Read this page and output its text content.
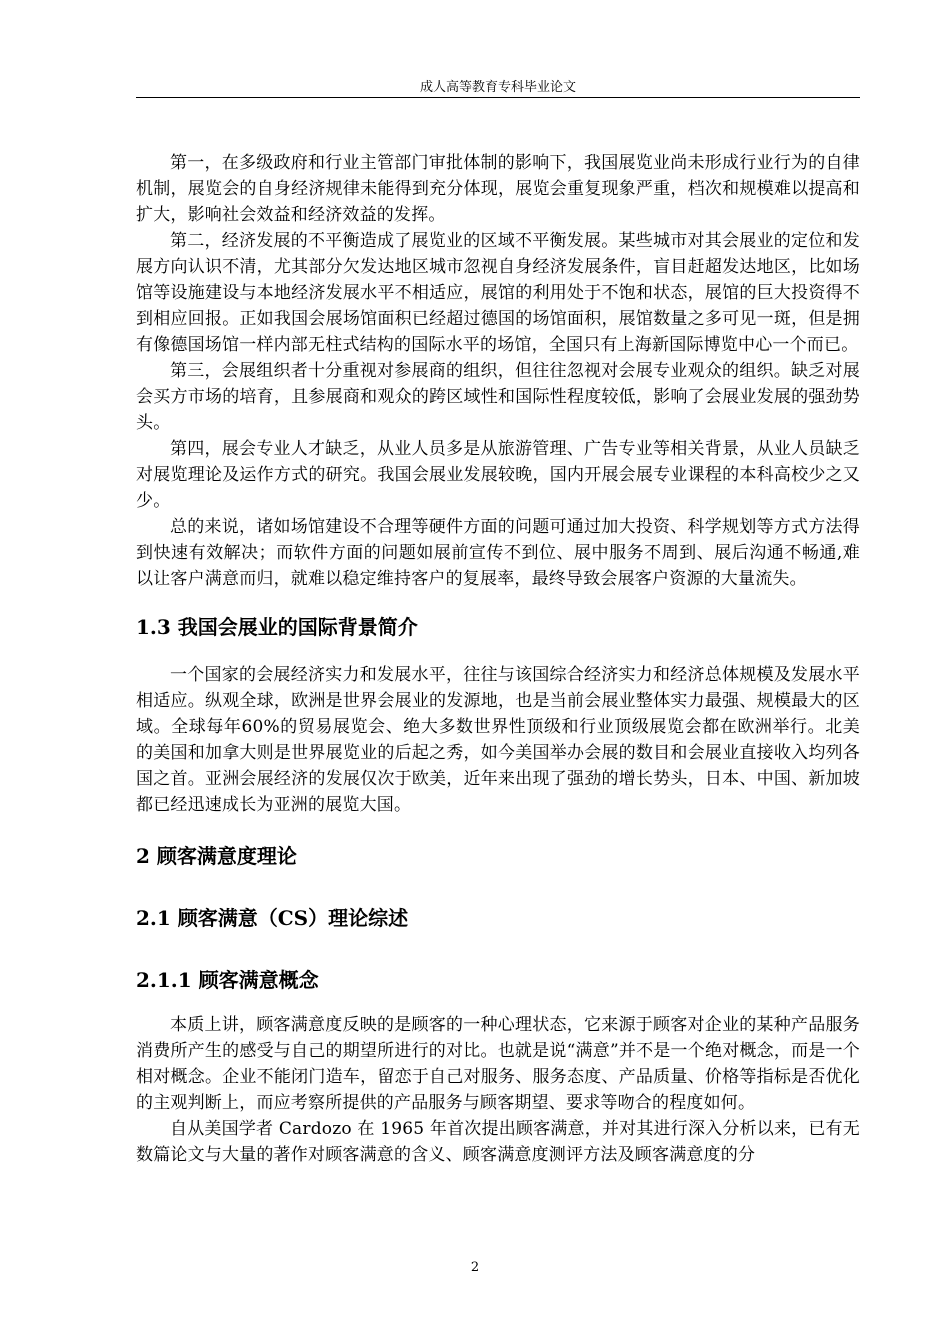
成人高等教育专科毕业论文

第一，在多级政府和行业主管部门审批体制的影响下，我国展览业尚未形成行业行为的自律机制，展览会的自身经济规律未能得到充分体现，展览会重复现象严重，档次和规模难以提高和扩大，影响社会效益和经济效益的发挥。

第二，经济发展的不平衡造成了展览业的区域不平衡发展。某些城市对其会展业的定位和发展方向认识不清，尤其部分欠发达地区城市忽视自身经济发展条件，盲目赶超发达地区，比如场馆等设施建设与本地经济发展水平不相适应，展馆的利用处于不饱和状态，展馆的巨大投资得不到相应回报。正如我国会展场馆面积已经超过德国的场馆面积，展馆数量之多可见一斑，但是拥有像德国场馆一样内部无柱式结构的国际水平的场馆，全国只有上海新国际博览中心一个而已。

第三，会展组织者十分重视对参展商的组织，但往往忽视对会展专业观众的组织。缺乏对展会买方市场的培育，且参展商和观众的跨区域性和国际性程度较低，影响了会展业发展的强劲势头。

第四，展会专业人才缺乏，从业人员多是从旅游管理、广告专业等相关背景，从业人员缺乏对展览理论及运作方式的研究。我国会展业发展较晚，国内开展会展专业课程的本科高校少之又少。

总的来说，诸如场馆建设不合理等硬件方面的问题可通过加大投资、科学规划等方式方法得到快速有效解决；而软件方面的问题如展前宣传不到位、展中服务不周到、展后沟通不畅通,难以让客户满意而归，就难以稳定维持客户的复展率，最终导致会展客户资源的大量流失。

1.3 我国会展业的国际背景简介

一个国家的会展经济实力和发展水平，往往与该国综合经济实力和经济总体规模及发展水平相适应。纵观全球，欧洲是世界会展业的发源地，也是当前会展业整体实力最强、规模最大的区域。全球每年60%的贸易展览会、绝大多数世界性顶级和行业顶级展览会都在欧洲举行。北美的美国和加拿大则是世界展览业的后起之秀，如今美国举办会展的数目和会展业直接收入均列各国之首。亚洲会展经济的发展仅次于欧美，近年来出现了强劲的增长势头，日本、中国、新加坡都已经迅速成长为亚洲的展览大国。

2 顾客满意度理论
2.1 顾客满意（CS）理论综述
2.1.1 顾客满意概念

本质上讲，顾客满意度反映的是顾客的一种心理状态，它来源于顾客对企业的某种产品服务消费所产生的感受与自己的期望所进行的对比。也就是说“满意”并不是一个绝对概念，而是一个相对概念。企业不能闭门造车，留恋于自己对服务、服务态度、产品质量、价格等指标是否优化的主观判断上，而应考察所提供的产品服务与顾客期望、要求等吻合的程度如何。

自从美国学者 Cardozo 在 1965 年首次提出顾客满意，并对其进行深入分析以来，已有无数篇论文与大量的著作对顾客满意的含义、顾客满意度测评方法及顾客满意度的分

2
